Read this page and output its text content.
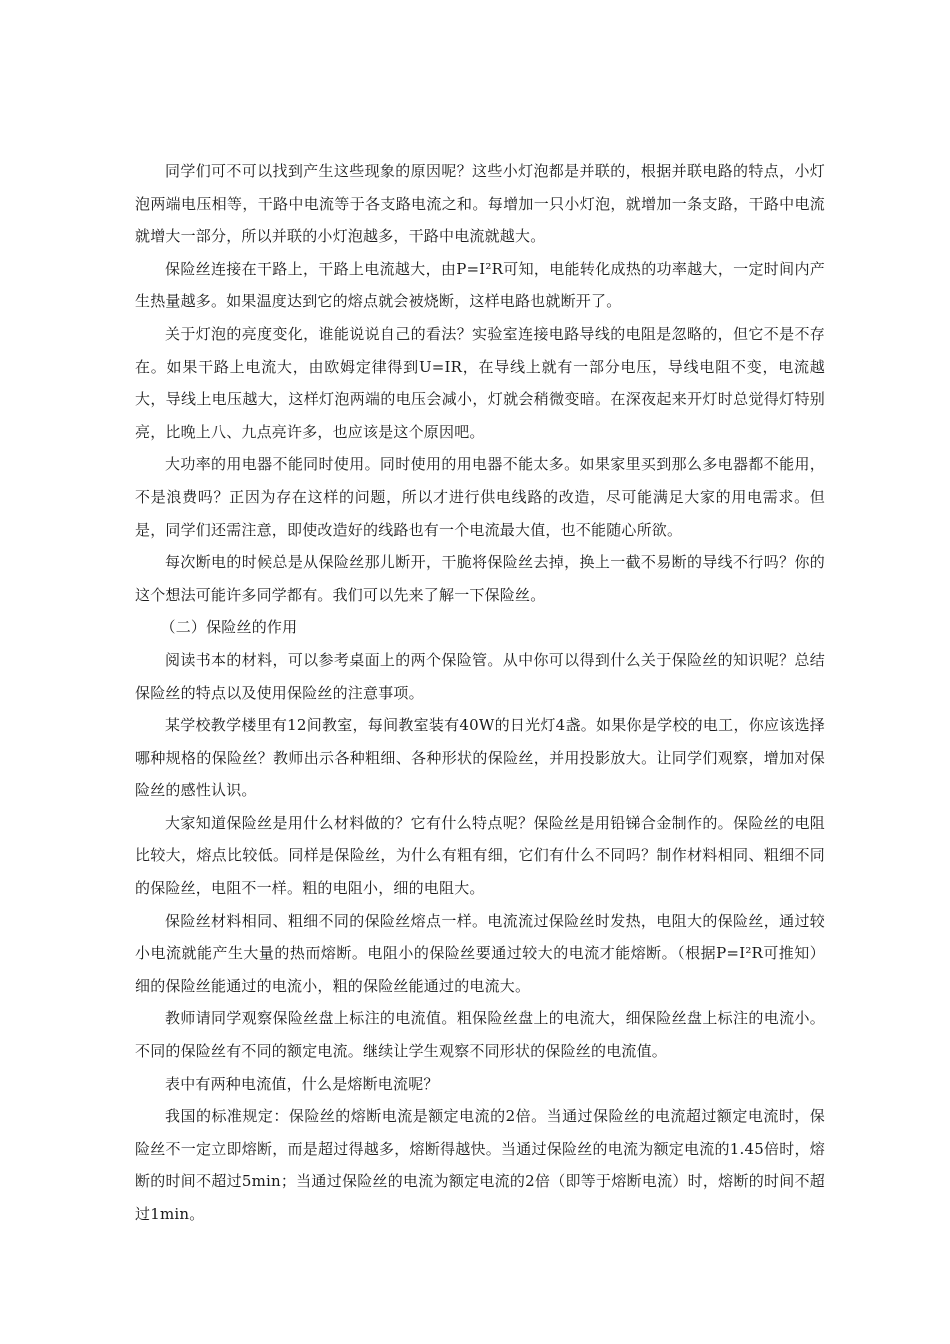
同学们可不可以找到产生这些现象的原因呢？这些小灯泡都是并联的，根据并联电路的特点，小灯泡两端电压相等，干路中电流等于各支路电流之和。每增加一只小灯泡，就增加一条支路，干路中电流就增大一部分，所以并联的小灯泡越多，干路中电流就越大。

保险丝连接在干路上，干路上电流越大，由P=I²R可知，电能转化成热的功率越大，一定时间内产生热量越多。如果温度达到它的熔点就会被烧断，这样电路也就断开了。

关于灯泡的亮度变化，谁能说说自己的看法？实验室连接电路导线的电阻是忽略的，但它不是不存在。如果干路上电流大，由欧姆定律得到U=IR，在导线上就有一部分电压，导线电阻不变，电流越大，导线上电压越大，这样灯泡两端的电压会减小，灯就会稍微变暗。在深夜起来开灯时总觉得灯特别亮，比晚上八、九点亮许多，也应该是这个原因吧。

大功率的用电器不能同时使用。同时使用的用电器不能太多。如果家里买到那么多电器都不能用，不是浪费吗？正因为存在这样的问题，所以才进行供电线路的改造，尽可能满足大家的用电需求。但是，同学们还需注意，即使改造好的线路也有一个电流最大值，也不能随心所欲。

每次断电的时候总是从保险丝那儿断开，干脆将保险丝去掉，换上一截不易断的导线不行吗？你的这个想法可能许多同学都有。我们可以先来了解一下保险丝。

（二）保险丝的作用

阅读书本的材料，可以参考桌面上的两个保险管。从中你可以得到什么关于保险丝的知识呢？总结保险丝的特点以及使用保险丝的注意事项。

某学校教学楼里有12间教室，每间教室装有40W的日光灯4盏。如果你是学校的电工，你应该选择哪种规格的保险丝？教师出示各种粗细、各种形状的保险丝，并用投影放大。让同学们观察，增加对保险丝的感性认识。

大家知道保险丝是用什么材料做的？它有什么特点呢？保险丝是用铅锑合金制作的。保险丝的电阻比较大，熔点比较低。同样是保险丝，为什么有粗有细，它们有什么不同吗？制作材料相同、粗细不同的保险丝，电阻不一样。粗的电阻小，细的电阻大。

保险丝材料相同、粗细不同的保险丝熔点一样。电流流过保险丝时发热，电阻大的保险丝，通过较小电流就能产生大量的热而熔断。电阻小的保险丝要通过较大的电流才能熔断。（根据P=I²R可推知）细的保险丝能通过的电流小，粗的保险丝能通过的电流大。

教师请同学观察保险丝盘上标注的电流值。粗保险丝盘上的电流大，细保险丝盘上标注的电流小。不同的保险丝有不同的额定电流。继续让学生观察不同形状的保险丝的电流值。

表中有两种电流值，什么是熔断电流呢？

我国的标准规定：保险丝的熔断电流是额定电流的2倍。当通过保险丝的电流超过额定电流时，保险丝不一定立即熔断，而是超过得越多，熔断得越快。当通过保险丝的电流为额定电流的1.45倍时，熔断的时间不超过5min；当通过保险丝的电流为额定电流的2倍（即等于熔断电流）时，熔断的时间不超过1min。
